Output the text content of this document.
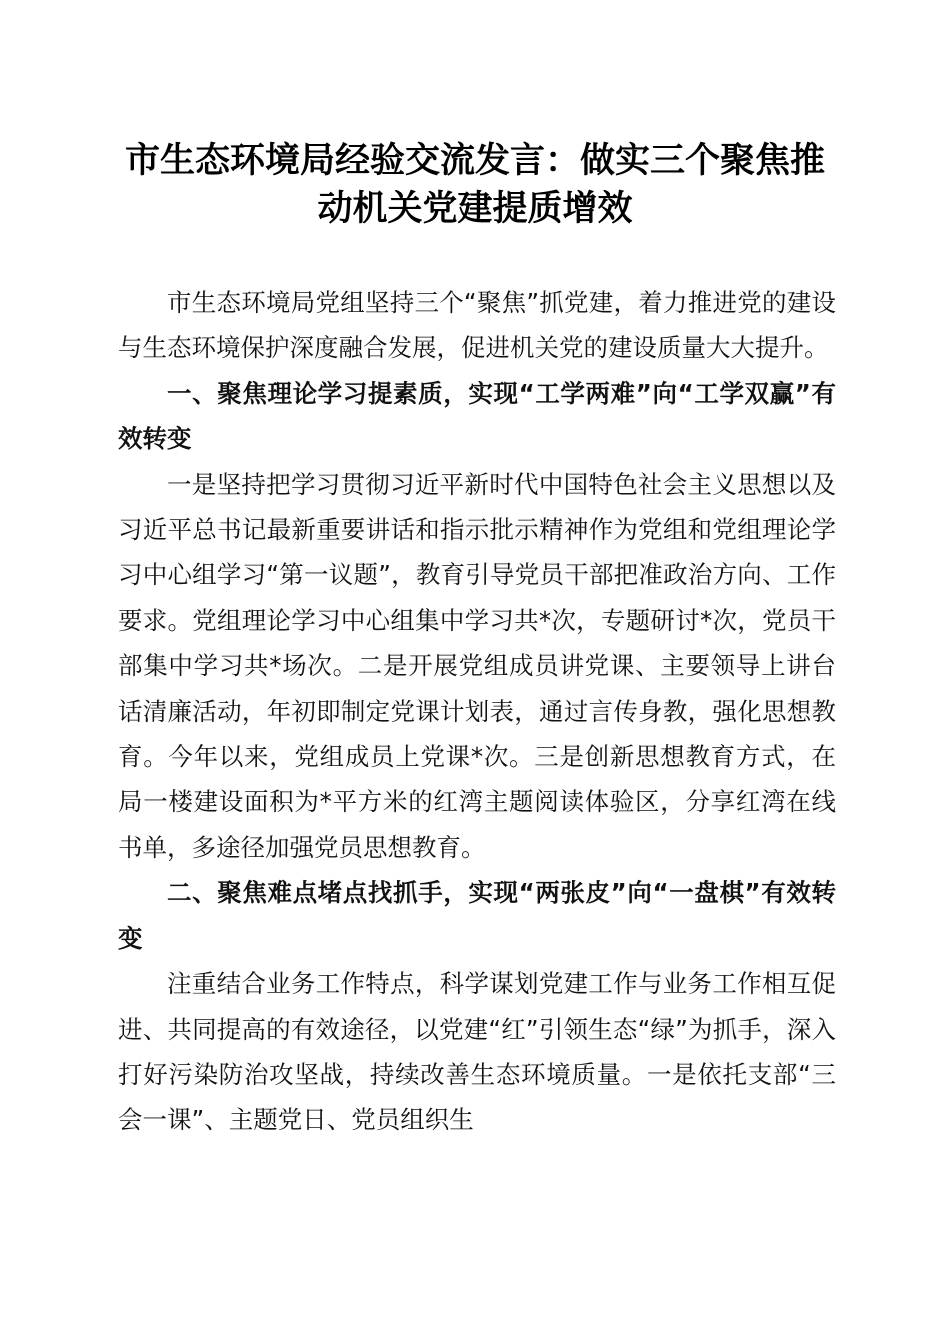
市生态环境局经验交流发言：做实三个聚焦推
动机关党建提质增效

市生态环境局党组坚持三个“聚焦”抓党建，着力推进党的建设与生态环境保护深度融合发展，促进机关党的建设质量大大提升。

一、聚焦理论学习提素质，实现“工学两难”向“工学双赢”有效转变

一是坚持把学习贯彻习近平新时代中国特色社会主义思想以及习近平总书记最新重要讲话和指示批示精神作为党组和党组理论学习中心组学习“第一议题”，教育引导党员干部把准政治方向、工作要求。党组理论学习中心组集中学习共*次，专题研讨*次，党员干部集中学习共*场次。二是开展党组成员讲党课、主要领导上讲台话清廉活动，年初即制定党课计划表，通过言传身教，强化思想教育。今年以来，党组成员上党课*次。三是创新思想教育方式，在局一楼建设面积为*平方米的红湾主题阅读体验区，分享红湾在线书单，多途径加强党员思想教育。

二、聚焦难点堵点找抓手，实现“两张皮”向“一盘棋”有效转变

注重结合业务工作特点，科学谋划党建工作与业务工作相互促进、共同提高的有效途径，以党建“红”引领生态“绿”为抓手，深入打好污染防治攻坚战，持续改善生态环境质量。一是依托支部“三会一课”、主题党日、党员组织生
